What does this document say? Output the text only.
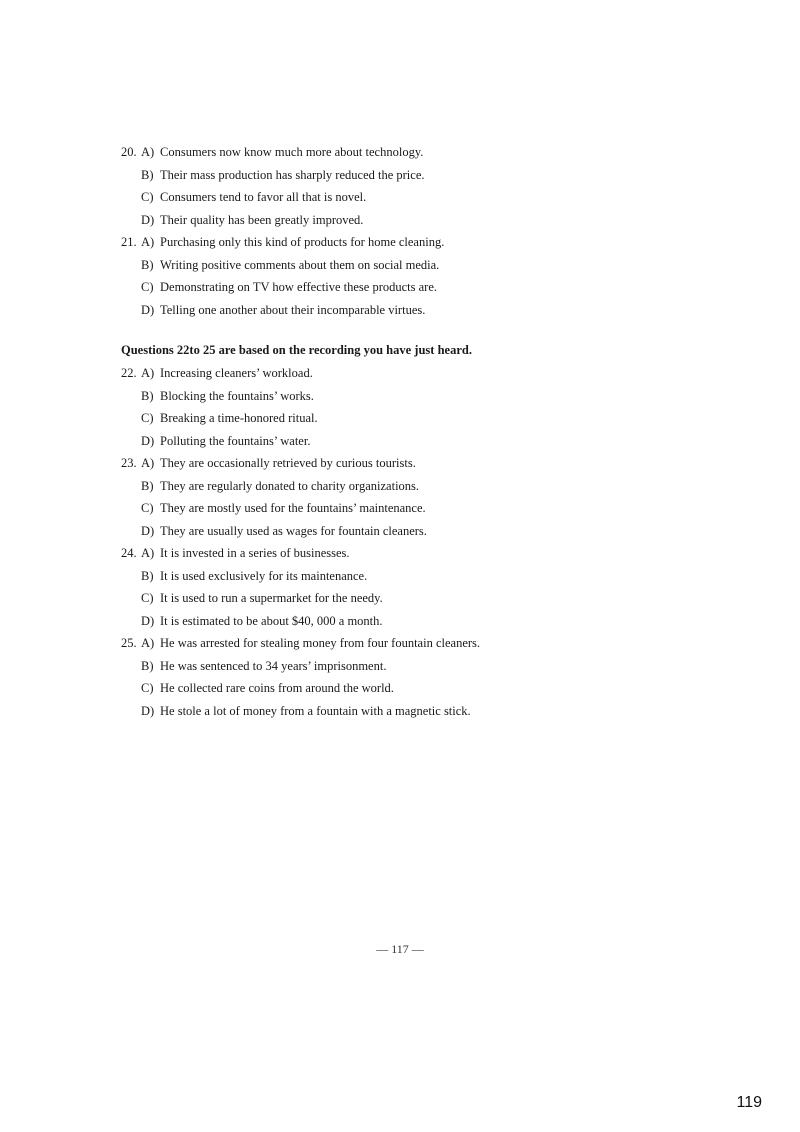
20. A) Consumers now know much more about technology.
B) Their mass production has sharply reduced the price.
C) Consumers tend to favor all that is novel.
D) Their quality has been greatly improved.
21. A) Purchasing only this kind of products for home cleaning.
B) Writing positive comments about them on social media.
C) Demonstrating on TV how effective these products are.
D) Telling one another about their incomparable virtues.
Questions 22to 25 are based on the recording you have just heard.
22. A) Increasing cleaners’ workload.
B) Blocking the fountains’ works.
C) Breaking a time-honored ritual.
D) Polluting the fountains’ water.
23. A) They are occasionally retrieved by curious tourists.
B) They are regularly donated to charity organizations.
C) They are mostly used for the fountains’ maintenance.
D) They are usually used as wages for fountain cleaners.
24. A) It is invested in a series of businesses.
B) It is used exclusively for its maintenance.
C) It is used to run a supermarket for the needy.
D) It is estimated to be about $40, 000 a month.
25. A) He was arrested for stealing money from four fountain cleaners.
B) He was sentenced to 34 years’ imprisonment.
C) He collected rare coins from around the world.
D) He stole a lot of money from a fountain with a magnetic stick.
— 117 —
119
